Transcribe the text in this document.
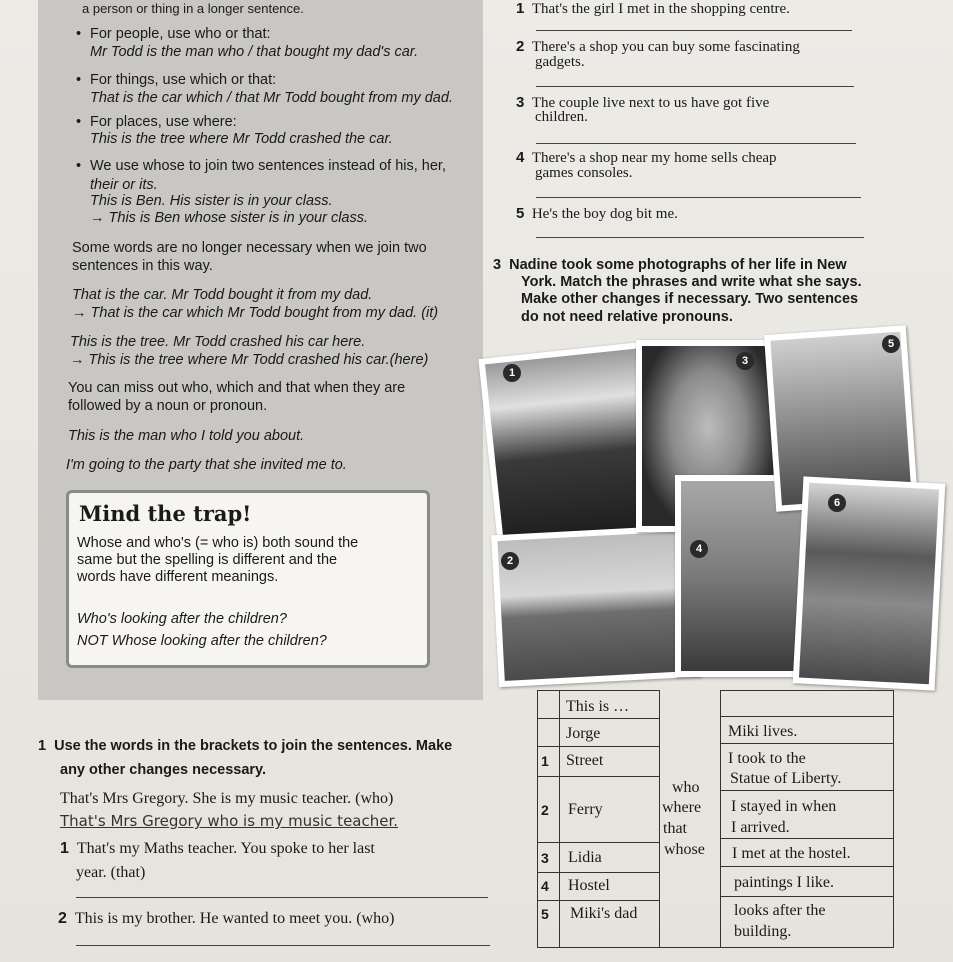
a person or thing in a longer sentence.

• For people, use who or that:

Mr Todd is the man who / that bought my dad's car.

• For things, use which or that:

That is the car which / that Mr Todd bought from my dad.

• For places, use where:

This is the tree where Mr Todd crashed the car.

• We use whose to join two sentences instead of his, her,

their or its.

This is Ben. His sister is in your class.

→ This is Ben whose sister is in your class.

Some words are no longer necessary when we join two

sentences in this way.

That is the car. Mr Todd bought it from my dad.

→ That is the car which Mr Todd bought from my dad. (it)

This is the tree. Mr Todd crashed his car here.

→ This is the tree where Mr Todd crashed his car.(here)

You can miss out who, which and that when they are

followed by a noun or pronoun.

This is the man who I told you about.

I'm going to the party that she invited me to.

Mind the trap!

Whose and who's (= who is) both sound the

same but the spelling is different and the

words have different meanings.

Who's looking after the children?

NOT Whose looking after the children?

1 That's the girl I met in the shopping centre.
2 There's a shop you can buy some fascinating
gadgets.
3 The couple live next to us have got five
children.
4 There's a shop near my home sells cheap
games consoles.
5 He's the boy dog bit me.
3 Nadine took some photographs of her life in New
York. Match the phrases and write what she says.
Make other changes if necessary. Two sentences
do not need relative pronouns.
1
2
3
4
5
6
1 Use the words in the brackets to join the sentences. Make
any other changes necessary.
That's Mrs Gregory. She is my music teacher. (who)
That's Mrs Gregory who is my music teacher.
1 That's my Maths teacher. You spoke to her last
year. (that)
2 This is my brother. He wanted to meet you. (who)
This is …
Jorge
1 Street
2 Ferry
3 Lidia
4 Hostel
5 Miki's dad
who
where
that
whose
Miki lives.
I took to the
Statue of Liberty.
I stayed in when
I arrived.
I met at the hostel.
paintings I like.
looks after the
building.
